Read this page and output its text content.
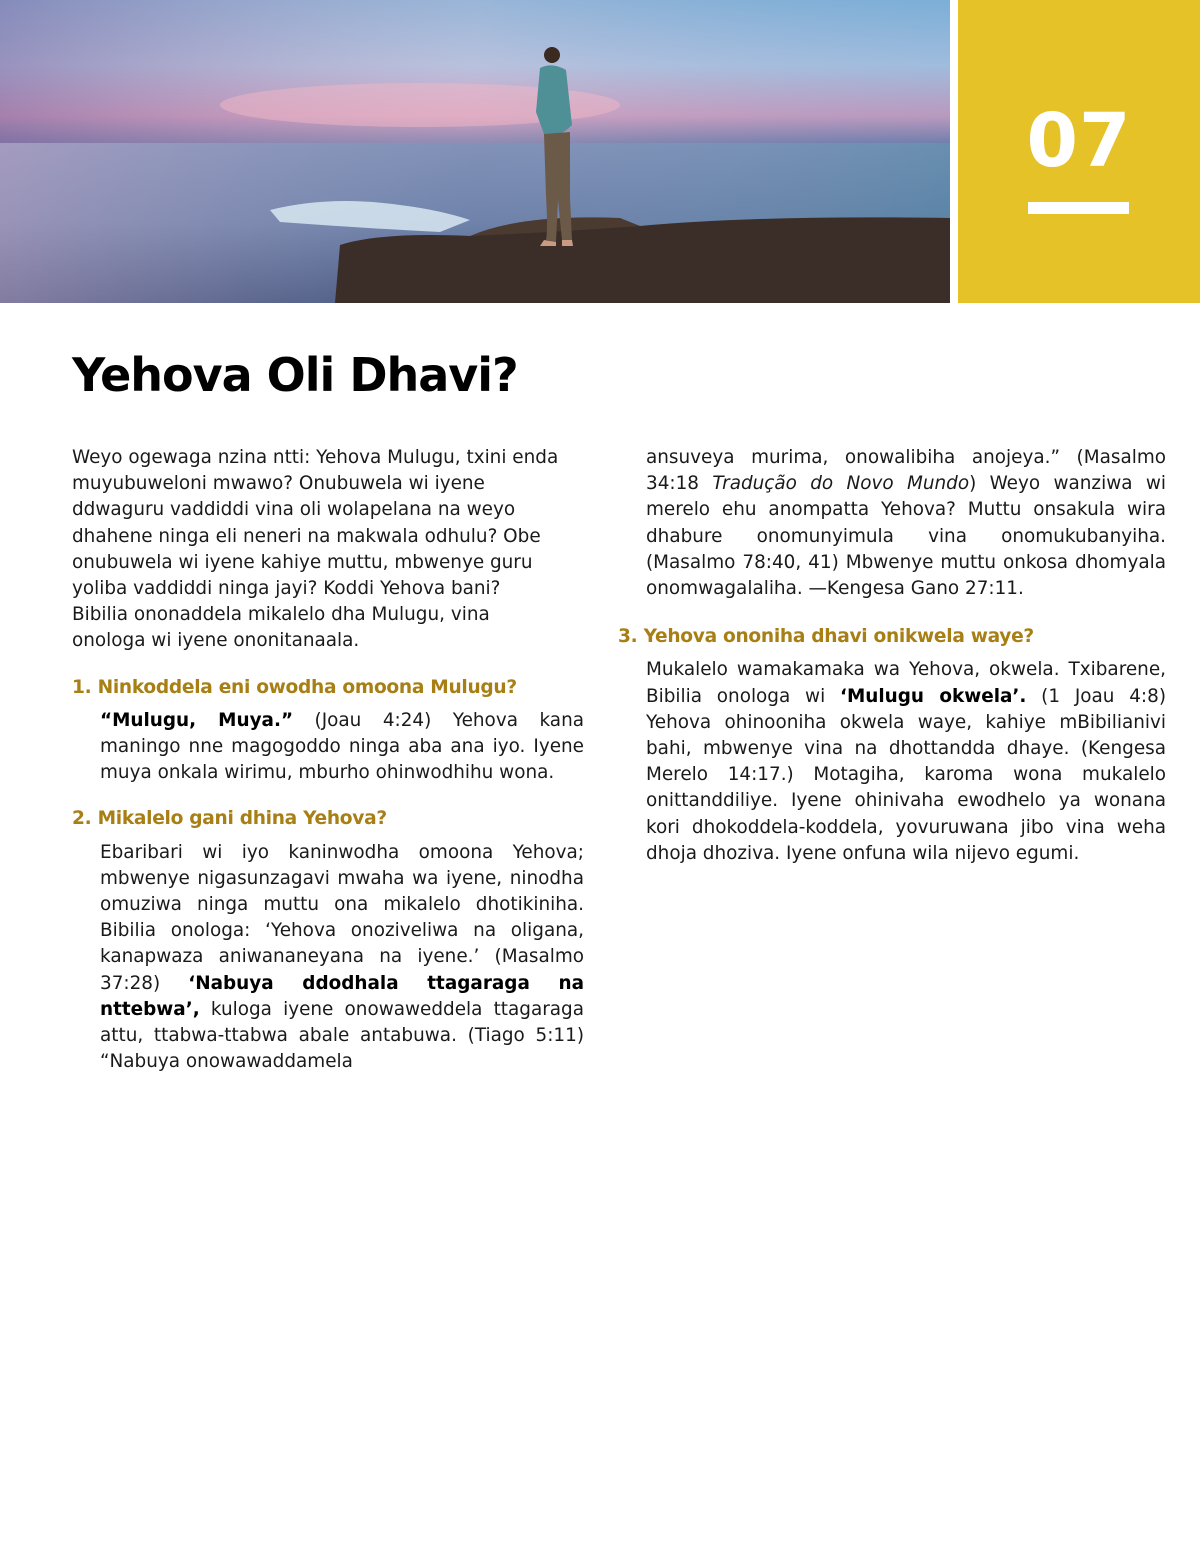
07
Yehova Oli Dhavi?

Weyo ogewaga nzina ntti: Yehova Mulugu, txini enda muyubuweloni mwawo? Onubuwela wi iyene ddwaguru vaddiddi vina oli wolapelana na weyo dhahene ninga eli neneri na makwala odhulu? Obe onubuwela wi iyene kahiye muttu, mbwenye guru yoliba vaddiddi ninga jayi? Koddi Yehova bani? Bibilia ononaddela mikalelo dha Mulugu, vina onologa wi iyene ononitanaala.

1. Ninkoddela eni owodha omoona Mulugu?

“Mulugu, Muya.” (Joau 4:24) Yehova kana maningo nne magogoddo ninga aba ana iyo. Iyene muya onkala wirimu, mburho ohinwodhihu wona.

2. Mikalelo gani dhina Yehova?

Ebaribari wi iyo kaninwodha omoona Yehova; mbwenye nigasunzagavi mwaha wa iyene, ninodha omuziwa ninga muttu ona mikalelo dhotikiniha. Bibilia onologa: ‘Yehova onoziveliwa na oligana, kanapwaza aniwananeyana na iyene.’ (Masalmo 37:28) ‘Nabuya ddodhala ttagaraga na nttebwa’, kuloga iyene onowaweddela ttagaraga attu, ttabwa-ttabwa abale antabuwa. (Tiago 5:11) “Nabuya onowawaddamela

ansuveya murima, onowalibiha anojeya.” (Masalmo 34:18 Tradução do Novo Mundo) Weyo wanziwa wi merelo ehu anompatta Yehova? Muttu onsakula wira dhabure onomunyimula vina onomukubanyiha. (Masalmo 78:40, 41) Mbwenye muttu onkosa dhomyala onomwagalaliha. —Kengesa Gano 27:11.

3. Yehova ononiha dhavi onikwela waye?

Mukalelo wamakamaka wa Yehova, okwela. Txibarene, Bibilia onologa wi ‘Mulugu okwela’. (1 Joau 4:8) Yehova ohinooniha okwela waye, kahiye mBibilianivi bahi, mbwenye vina na dhottandda dhaye. (Kengesa Merelo 14:17.) Motagiha, karoma wona mukalelo onittanddiliye. Iyene ohinivaha ewodhelo ya wonana kori dhokoddela-koddela, yovuruwana jibo vina weha dhoja dhoziva. Iyene onfuna wila nijevo egumi.
